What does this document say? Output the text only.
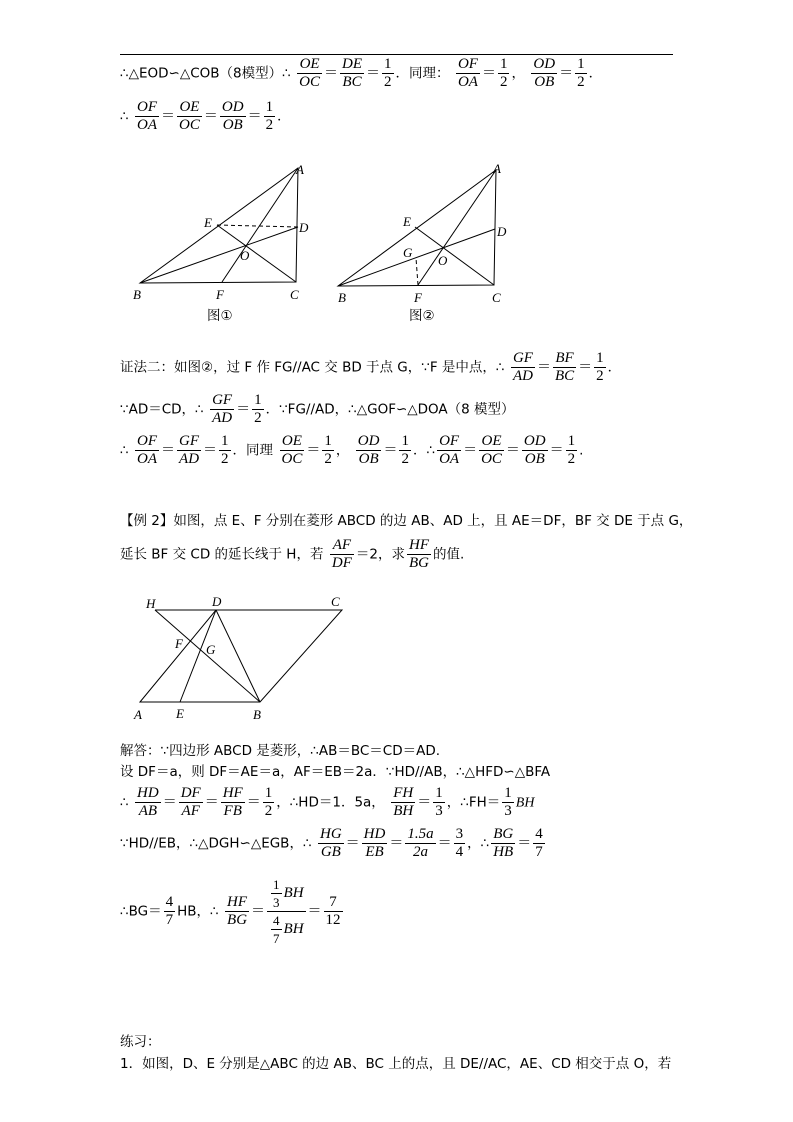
∴△EOD∽△COB（8模型）∴ $\frac{OE}{OC} = \frac{DE}{BC} = \frac{1}{2}$ ．同理： $\frac{OF}{OA} = \frac{1}{2}$ ， $\frac{OD}{OB} = \frac{1}{2}$ ．
∴ $\frac{OF}{OA} = \frac{OE}{OC} = \frac{OD}{OB} = \frac{1}{2}$ ．
A
E	D
O
B	F	C
图①
A
E
D
G
O
B	F	C
图②
证法二：如图②，过 F 作 FG//AC 交 BD 于点 G，∵F 是中点，∴ $\frac{GF}{AD} = \frac{BF}{BC} = \frac{1}{2}$ ．
∵AD＝CD，∴ $\frac{GF}{AD} = \frac{1}{2}$ ．∵FG//AD，∴△GOF∽△DOA（8 模型）
∴ $\frac{OF}{OA} = \frac{GF}{AD} = \frac{1}{2}$ ．同理 $\frac{OE}{OC} = \frac{1}{2}$ ， $\frac{OD}{OB} = \frac{1}{2}$ ．∴ $\frac{OF}{OA} = \frac{OE}{OC} = \frac{OD}{OB} = \frac{1}{2}$ .
【例 2】如图，点 E、F 分别在菱形 ABCD 的边 AB、AD 上，且 AE＝DF，BF 交 DE 于点 G，
延长 BF 交 CD 的延长线于 H，若 $\frac{AF}{DF} =2$，求 $\frac{HF}{BG}$ 的值.
H	D	C
F G
A	E	B
解答：∵四边形 ABCD 是菱形，∴AB＝BC＝CD＝AD.
设 DF＝a，则 DF＝AE＝a，AF＝EB＝2a．∵HD//AB，∴△HFD∽△BFA
∴ $\frac{HD}{AB} = \frac{DF}{AF} = \frac{HF}{FB} = \frac{1}{2}$ ，∴HD＝1．5a， $\frac{FH}{BH} = \frac{1}{3}$ ，∴FH＝ $\frac{1}{3}$ BH
∵HD//EB，∴△DGH∽△EGB，∴ $\frac{HG}{GB} = \frac{HD}{EB} = \frac{1.5a}{2a} = \frac{3}{4}$ ，∴ $\frac{BG}{HB} = \frac{4}{7}$
∴BG＝ $\frac{4}{7}$ HB，∴ $\frac{HF}{BG} = \frac{\frac{1}{3} BH}{\frac{4}{7} BH} = \frac{7}{12}$
练习：
1．如图，D、E 分别是△ABC 的边 AB、BC 上的点，且 DE//AC，AE、CD 相交于点 O，若
